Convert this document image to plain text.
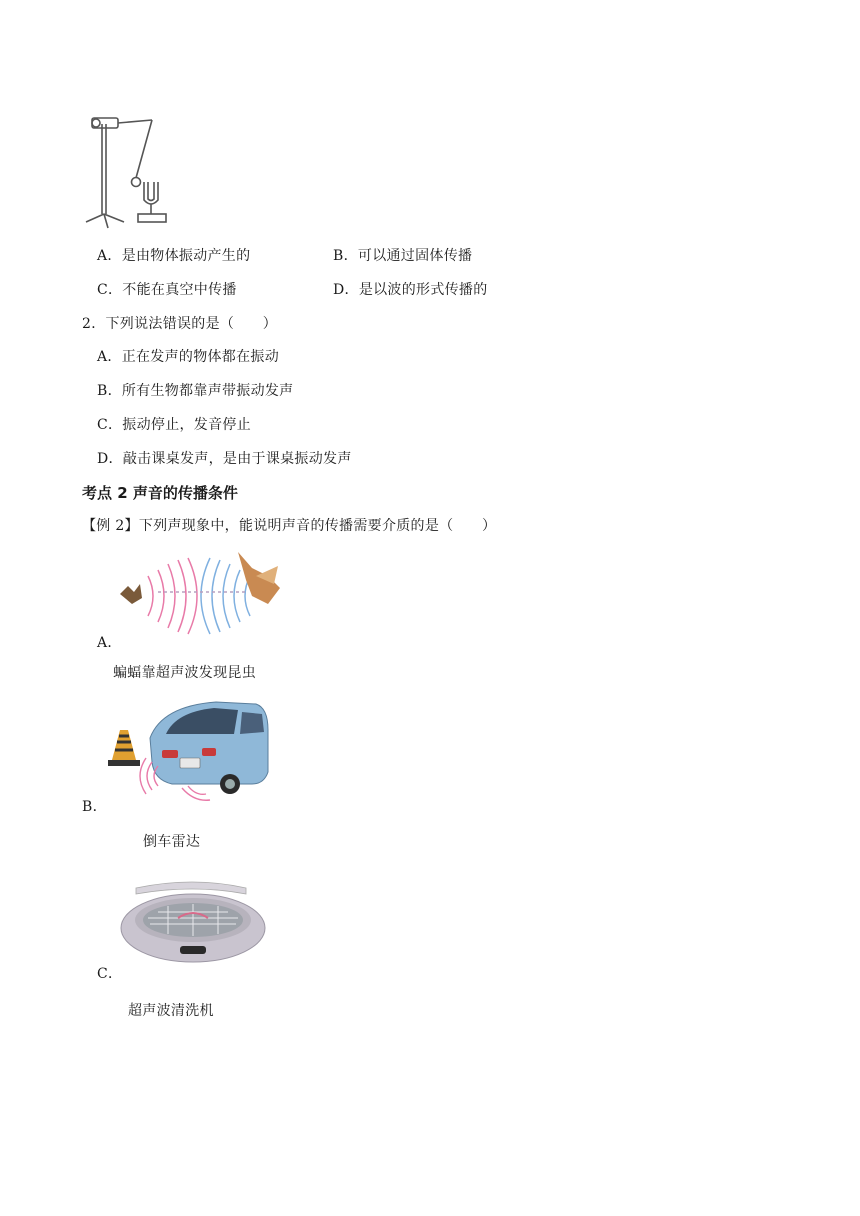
A．是由物体振动产生的	B．可以通过固体传播
C．不能在真空中传播	D．是以波的形式传播的
2．下列说法错误的是（　　）
A．正在发声的物体都在振动
B．所有生物都靠声带振动发声
C．振动停止，发音停止
D．敲击课桌发声，是由于课桌振动发声
考点 2 声音的传播条件
【例 2】下列声现象中，能说明声音的传播需要介质的是（　　）
A．
蝙蝠靠超声波发现昆虫
B．
倒车雷达
C．
超声波清洗机
